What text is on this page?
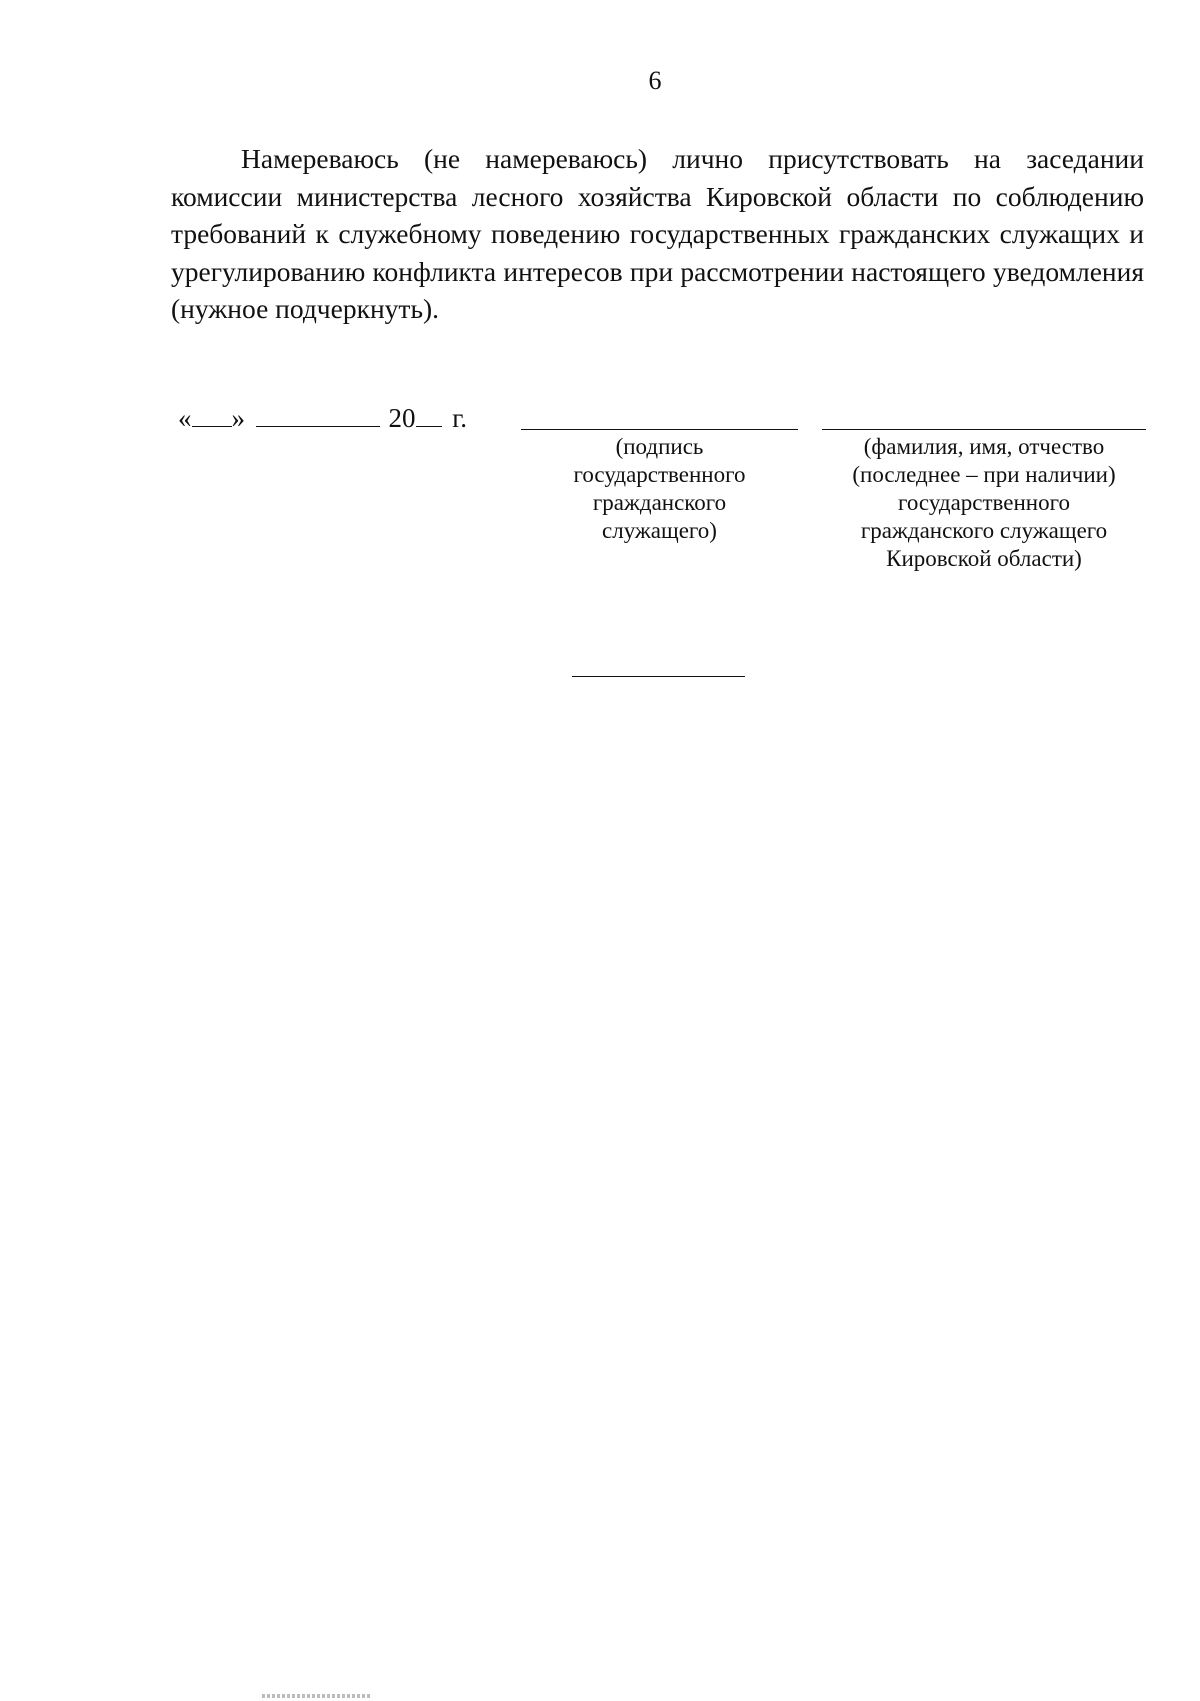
6

Намереваюсь (не намереваюсь) лично присутствовать на заседании комиссии министерства лесного хозяйства Кировской области по соблюдению требований к служебному поведению государственных гражданских служащих и урегулированию конфликта интересов при рассмотрении настоящего уведомления (нужное подчеркнуть).

« »	20 г.
(подпись
государственного
гражданского
служащего)
(фамилия, имя, отчество
(последнее – при наличии)
государственного
гражданского служащего
Кировской области)
